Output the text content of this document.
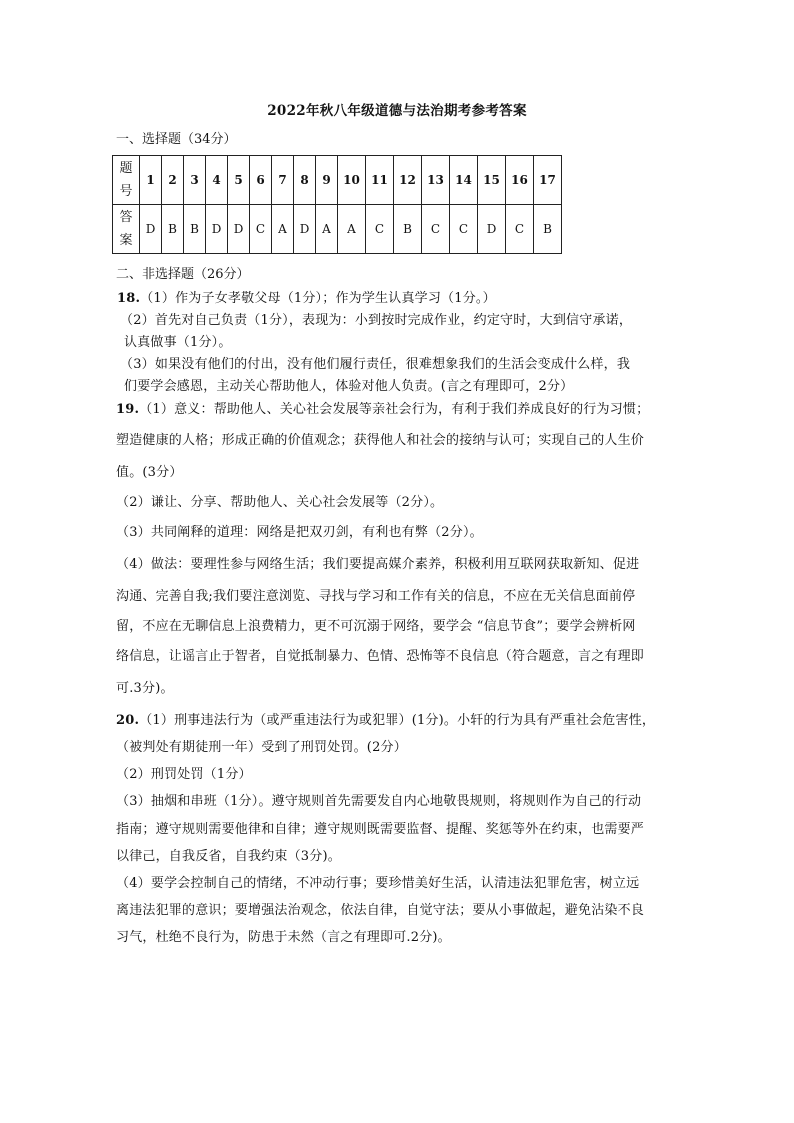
2022年秋八年级道德与法治期考参考答案
一、选择题（34分）
题
号	1	2	3	4	5	6	7	8	9	10	11	12	13	14	15	16	17

答
案	D	B	B	D	D	C	A	D	A	A	C	B	C	C	D	C	B
二、非选择题（26分）
18.（1）作为子女孝敬父母（1分）；作为学生认真学习（1分。）
（2）首先对自己负责（1分），表现为：小到按时完成作业，约定守时，大到信守承诺，
认真做事（1分）。
（3）如果没有他们的付出，没有他们履行责任，很难想象我们的生活会变成什么样，我
们要学会感恩，主动关心帮助他人，体验对他人负责。(言之有理即可，2分）
19.（1）意义：帮助他人、关心社会发展等亲社会行为，有利于我们养成良好的行为习惯；
塑造健康的人格；形成正确的价值观念；获得他人和社会的接纳与认可；实现自己的人生价
值。(3分）
（2）谦让、分享、帮助他人、关心社会发展等（2分）。
（3）共同阐释的道理：网络是把双刃剑，有利也有弊（2分）。
（4）做法：要理性参与网络生活；我们要提高媒介素养，积极利用互联网获取新知、促进
沟通、完善自我;我们要注意浏览、寻找与学习和工作有关的信息，不应在无关信息面前停
留，不应在无聊信息上浪费精力，更不可沉溺于网络，要学会 “信息节食”；要学会辨析网
络信息，让谣言止于智者，自觉抵制暴力、色情、恐怖等不良信息（符合题意，言之有理即
可.3分)。
20.（1）刑事违法行为（或严重违法行为或犯罪）(1分)。小轩的行为具有严重社会危害性，
（被判处有期徒刑一年）受到了刑罚处罚。(2分）
（2）刑罚处罚（1分）
（3）抽烟和串班（1分）。遵守规则首先需要发自内心地敬畏规则，将规则作为自己的行动
指南；遵守规则需要他律和自律；遵守规则既需要监督、提醒、奖惩等外在约束，也需要严
以律己，自我反省，自我约束（3分)。
（4）要学会控制自己的情绪，不冲动行事；要珍惜美好生活，认清违法犯罪危害，树立远
离违法犯罪的意识；要增强法治观念，依法自律，自觉守法；要从小事做起，避免沾染不良
习气，杜绝不良行为，防患于未然（言之有理即可.2分)。
